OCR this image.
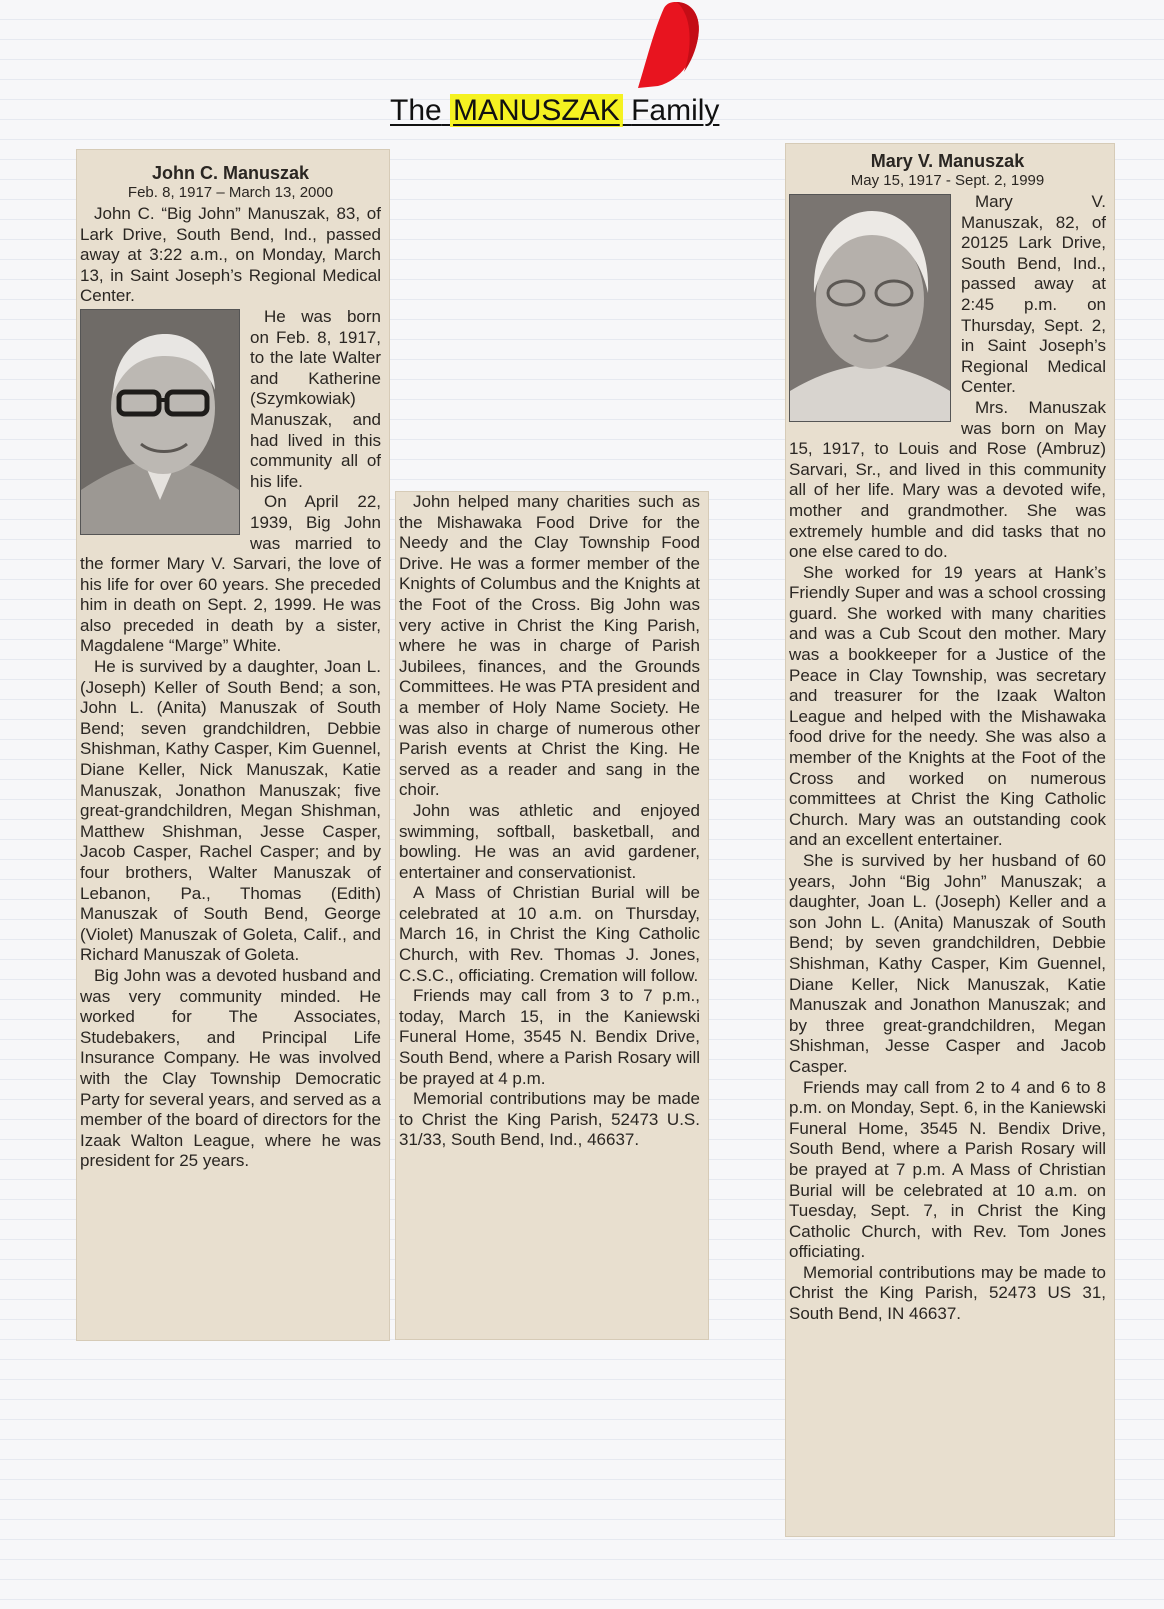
The MANUSZAK Family
John C. Manuszak
Feb. 8, 1917 – March 13, 2000

John C. “Big John” Manuszak, 83, of Lark Drive, South Bend, Ind., passed away at 3:22 a.m., on Monday, March 13, in Saint Joseph’s Regional Medical Center.

He was born on Feb. 8, 1917, to the late Walter and Katherine (Szymkowiak) Manuszak, and had lived in this community all of his life.

On April 22, 1939, Big John was married to the former Mary V. Sarvari, the love of his life for over 60 years. She preceded him in death on Sept. 2, 1999. He was also preceded in death by a sister, Magdalene “Marge” White.

He is survived by a daughter, Joan L. (Joseph) Keller of South Bend; a son, John L. (Anita) Manuszak of South Bend; seven grandchildren, Debbie Shishman, Kathy Casper, Kim Guennel, Diane Keller, Nick Manuszak, Katie Manuszak, Jonathon Manuszak; five great-grandchildren, Megan Shishman, Matthew Shishman, Jesse Casper, Jacob Casper, Rachel Casper; and by four brothers, Walter Manuszak of Lebanon, Pa., Thomas (Edith) Manuszak of South Bend, George (Violet) Manuszak of Goleta, Calif., and Richard Manuszak of Goleta.

Big John was a devoted husband and was very community minded. He worked for The Associates, Studebakers, and Principal Life Insurance Company. He was involved with the Clay Township Democratic Party for several years, and served as a member of the board of directors for the Izaak Walton League, where he was president for 25 years.

John helped many charities such as the Mishawaka Food Drive for the Needy and the Clay Township Food Drive. He was a former member of the Knights of Columbus and the Knights at the Foot of the Cross. Big John was very active in Christ the King Parish, where he was in charge of Parish Jubilees, finances, and the Grounds Committees. He was PTA president and a member of Holy Name Society. He was also in charge of numerous other Parish events at Christ the King. He served as a reader and sang in the choir.

John was athletic and enjoyed swimming, softball, basketball, and bowling. He was an avid gardener, entertainer and conservationist.

A Mass of Christian Burial will be celebrated at 10 a.m. on Thursday, March 16, in Christ the King Catholic Church, with Rev. Thomas J. Jones, C.S.C., officiating. Cremation will follow.

Friends may call from 3 to 7 p.m., today, March 15, in the Kaniewski Funeral Home, 3545 N. Bendix Drive, South Bend, where a Parish Rosary will be prayed at 4 p.m.

Memorial contributions may be made to Christ the King Parish, 52473 U.S. 31/33, South Bend, Ind., 46637.

Mary V. Manuszak
May 15, 1917 - Sept. 2, 1999

Mary V. Manuszak, 82, of 20125 Lark Drive, South Bend, Ind., passed away at 2:45 p.m. on Thursday, Sept. 2, in Saint Joseph’s Regional Medical Center.

Mrs. Manuszak was born on May 15, 1917, to Louis and Rose (Ambruz) Sarvari, Sr., and lived in this community all of her life. Mary was a devoted wife, mother and grandmother. She was extremely humble and did tasks that no one else cared to do.

She worked for 19 years at Hank’s Friendly Super and was a school crossing guard. She worked with many charities and was a Cub Scout den mother. Mary was a bookkeeper for a Justice of the Peace in Clay Township, was secretary and treasurer for the Izaak Walton League and helped with the Mishawaka food drive for the needy. She was also a member of the Knights at the Foot of the Cross and worked on numerous committees at Christ the King Catholic Church. Mary was an outstanding cook and an excellent entertainer.

She is survived by her husband of 60 years, John “Big John” Manuszak; a daughter, Joan L. (Joseph) Keller and a son John L. (Anita) Manuszak of South Bend; by seven grandchildren, Debbie Shishman, Kathy Casper, Kim Guennel, Diane Keller, Nick Manuszak, Katie Manuszak and Jonathon Manuszak; and by three great-grandchildren, Megan Shishman, Jesse Casper and Jacob Casper.

Friends may call from 2 to 4 and 6 to 8 p.m. on Monday, Sept. 6, in the Kaniewski Funeral Home, 3545 N. Bendix Drive, South Bend, where a Parish Rosary will be prayed at 7 p.m. A Mass of Christian Burial will be celebrated at 10 a.m. on Tuesday, Sept. 7, in Christ the King Catholic Church, with Rev. Tom Jones officiating.

Memorial contributions may be made to Christ the King Parish, 52473 US 31, South Bend, IN 46637.
